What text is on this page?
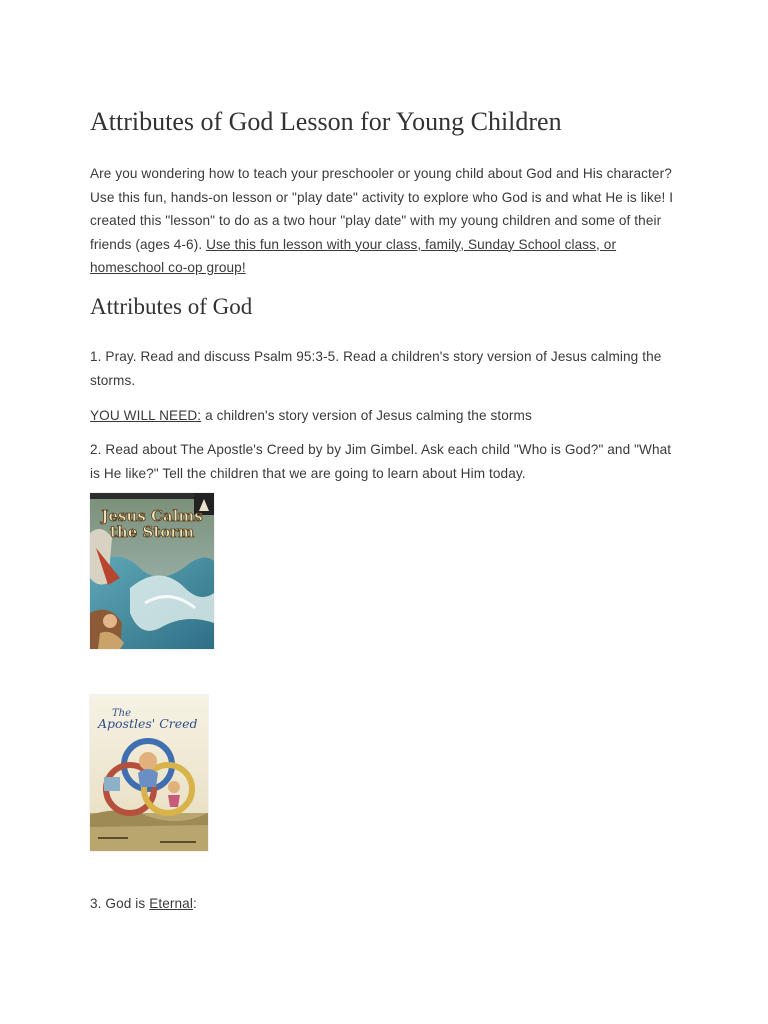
Attributes of God Lesson for Young Children

Are you wondering how to teach your preschooler or young child about God and His character? Use this fun, hands-on lesson or "play date" activity to explore who God is and what He is like! I created this "lesson" to do as a two hour "play date" with my young children and some of their friends (ages 4-6). Use this fun lesson with your class, family, Sunday School class, or homeschool co-op group!

Attributes of God

1. Pray. Read and discuss Psalm 95:3-5. Read a children's story version of Jesus calming the storms.

YOU WILL NEED: a children's story version of Jesus calming the storms

2. Read about The Apostle's Creed by by Jim Gimbel. Ask each child "Who is God?" and "What is He like?" Tell the children that we are going to learn about Him today.

Jesus Calms
the Storm
The
Apostles' Creed

3. God is Eternal:
